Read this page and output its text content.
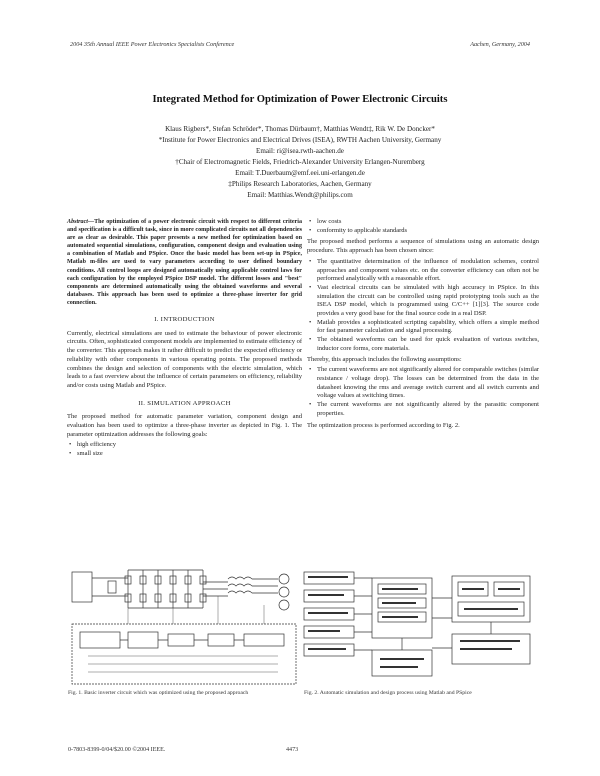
2004 35th Annual IEEE Power Electronics Specialists Conference	Aachen, Germany, 2004
Integrated Method for Optimization of Power Electronic Circuits
Klaus Rigbers*, Stefan Schröder*, Thomas Dürbaum†, Matthias Wendt‡, Rik W. De Doncker*
*Institute for Power Electronics and Electrical Drives (ISEA), RWTH Aachen University, Germany
Email: ri@isea.rwth-aachen.de
†Chair of Electromagnetic Fields, Friedrich-Alexander University Erlangen-Nuremberg
Email: T.Duerbaum@emf.eei.uni-erlangen.de
‡Philips Research Laboratories, Aachen, Germany
Email: Matthias.Wendt@philips.com

Abstract—The optimization of a power electronic circuit with respect to different criteria and specification is a difficult task, since in more complicated circuits not all dependencies are as clear as desirable. This paper presents a new method for optimization based on automated sequential simulations, configuration, component design and evaluation using a combination of Matlab and PSpice. Once the basic model has been set-up in PSpice, Matlab m-files are used to vary parameters according to user defined boundary conditions. All control loops are designed automatically using applicable control laws for each configuration by the employed PSpice DSP model. The different losses and "best" components are determined automatically using the obtained waveforms and several databases. This approach has been used to optimize a three-phase inverter for grid connection.

I. INTRODUCTION

Currently, electrical simulations are used to estimate the behaviour of power electronic circuits. Often, sophisticated component models are implemented to estimate efficiency of the converter. This approach makes it rather difficult to predict the expected efficiency or reliability with other components in various operating points. The proposed methods combines the design and selection of components with the electric simulation, which leads to a fast overview about the influence of certain parameters on efficiency, reliability and/or costs using Matlab and PSpice.

II. SIMULATION APPROACH

The proposed method for automatic parameter variation, component design and evaluation has been used to optimize a three-phase inverter as depicted in Fig. 1. The parameter optimization addresses the following goals:

• high efficiency
• small size
• low costs
• conformity to applicable standards

The proposed method performs a sequence of simulations using an automatic design procedure. This approach has been chosen since:

• The quantitative determination of the influence of modulation schemes, control approaches and component values etc. on the converter efficiency can often not be performed analytically with a reasonable effort.
• Vast electrical circuits can be simulated with high accuracy in PSpice. In this simulation the circuit can be controlled using rapid prototyping tools such as the ISEA DSP model, which is programmed using C/C++ [1][3]. The source code provides a very good base for the final source code in a real DSP.
• Matlab provides a sophisticated scripting capability, which offers a simple method for fast parameter calculation and signal processing.
• The obtained waveforms can be used for quick evaluation of various switches, inductor core forms, core materials.

Thereby, this approach includes the following assumptions:

• The current waveforms are not significantly altered for comparable switches (similar resistance / voltage drop). The losses can be determined from the data in the datasheet knowing the rms and average switch current and all switch currents and voltage values at switching times.
• The current waveforms are not significantly altered by the parasitic component properties.

The optimization process is performed according to Fig. 2.

Fig. 1. Basic inverter circuit which was optimized using the proposed approach	Fig. 2. Automatic simulation and design process using Matlab and PSpice
0-7803-8399-0/04/$20.00 ©2004 IEEE.	4473
